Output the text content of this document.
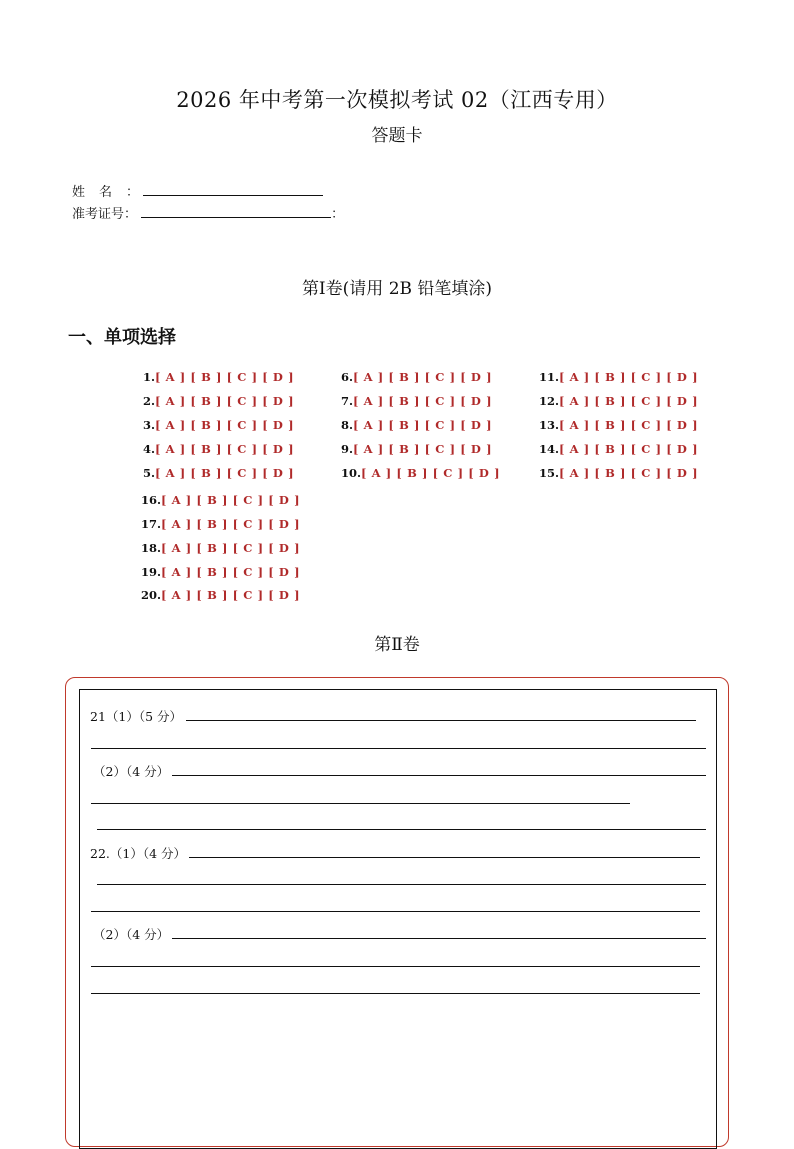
2026 年中考第一次模拟考试 02（江西专用）
答题卡
姓名：
准考证号：	：
第Ⅰ卷(请用 2B 铅笔填涂)
一、单项选择
1.[ A ] [ B ] [ C ] [ D ]
2.[ A ] [ B ] [ C ] [ D ]
3.[ A ] [ B ] [ C ] [ D ]
4.[ A ] [ B ] [ C ] [ D ]
5.[ A ] [ B ] [ C ] [ D ]
6.[ A ] [ B ] [ C ] [ D ]
7.[ A ] [ B ] [ C ] [ D ]
8.[ A ] [ B ] [ C ] [ D ]
9.[ A ] [ B ] [ C ] [ D ]
10.[ A ] [ B ] [ C ] [ D ]
11.[ A ] [ B ] [ C ] [ D ]
12.[ A ] [ B ] [ C ] [ D ]
13.[ A ] [ B ] [ C ] [ D ]
14.[ A ] [ B ] [ C ] [ D ]
15.[ A ] [ B ] [ C ] [ D ]
16.[ A ] [ B ] [ C ] [ D ]
17.[ A ] [ B ] [ C ] [ D ]
18.[ A ] [ B ] [ C ] [ D ]
19.[ A ] [ B ] [ C ] [ D ]
20.[ A ] [ B ] [ C ] [ D ]
第Ⅱ卷
21（1）（5 分）
（2）（4 分）
22.（1）（4 分）
（2）（4 分）
